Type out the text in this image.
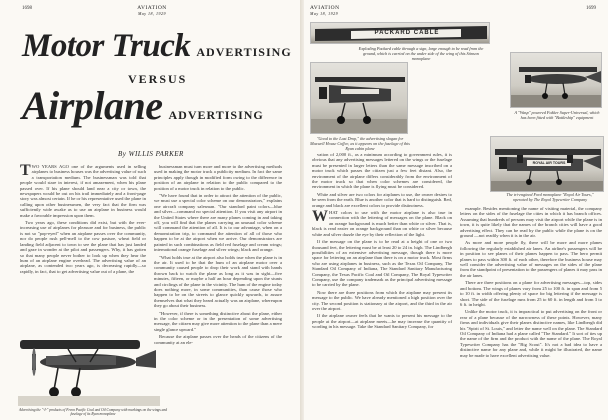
1698	AVIATION
May 18, 1929
Motor Truck ADVERTISING
VERSUS
Airplane ADVERTISING
By WILLIS PARKER

TWO YEARS AGO one of the arguments used in selling airplanes to business houses was the advertising value of such a transportation medium. The businessman was told that people would stare in interest, if not amazement, when his plane passed over. If his plane should land near a city or town, the newspapers would be out on his trail immediately and a front-page story was almost certain. If he or his representative used the plane in calling upon other businessmen, the very fact that the firm was sufficiently wide awake as to use an airplane in business would make a favorable impression upon them.

Two years ago, these conditions did exist, but with the ever-increasing use of airplanes for pleasure and for business, the public is not so "pop-eyed" when an airplane passes over the community, nor do people rush pell-mell to the cow pasture, wheat field or landing field adjacent to town to see the plane that has just landed and gaze in wonder at the pilot and passengers. Why, it has gotten so that many people never bother to look up when they hear the hum of an airplane engine overhead. The advertising value of an airplane, as contended two years ago, is decreasing rapidly—so rapidly, in fact, that to get advertising value out of a plane, the

businessman must turn more and more to the advertising methods used in making the motor truck a publicity medium. In fact the same principles apply though in modified form owing to the difference in position of an airplane in relation to the public compared to the position of a motor truck in relation to the public.

"We have found that in order to attract the attention of the public, we must use a special color scheme on our demonstrators," explains one aircraft company salesman. "Our standard paint colors—blue and silver—command no special attention. If you visit any airport in the United States where there are many planes coming in and taking off, you will find that the planes carrying an unusual color scheme will command the attention of all. It is to our advantage, when on a demonstration trip, to command the attention of all of those who happen to be at the airport when we arrive. Our demonstrators are painted in such combinations as field red fuselage and cream wings; international orange fuselage and silver wings; black and orange.

"What holds true at the airport also holds true when the plane is in the air. It used to be that the hum of an airplane motor over a community caused people to drop their work and stand with hands thrown back to watch the plane as long as it was in sight—five minutes, fifteen, or maybe a half an hour depending upon the stunts and circlings of the plane in the vicinity. The hum of the engine today does nothing more, in some communities, than cause those who happen to be on the streets to glance quickly upwards, to assure themselves that what they heard actually was an airplane, whereupon they go about their business.

"However, if there is something distinctive about the plane, either in the color scheme or in the presentation of some advertising message, the citizen may give more attention to the plane than a mere single glance upward."

Because the airplane passes over the heads of the citizens of the community at an ele-

Advertising the "-I-" products of Freon Pacific Coal and Oil Company with markings on the wings and fuselage of its Ryan monoplane
AVIATION
May 18, 1929
1699
PACKARD CABLE
Exploding Packard cable through a sign, large enough to be read from the ground, which is carried on the under side of the wing of this Stinson monoplane
A "Wasp" powered Fokker Super-Universal, which has been fitted with "Battleship" equipment
"Good to the Last Drop," the advertising slogan for Maxwell House Coffee, as it appears on the fuselage of this Ryan cabin plane
ROYAL AIR TOURS
The tri-engined Ford monoplane "Royal Air Tours," operated by The Royal Typewriter Company

vation of 2,000 ft., as a minimum according to government rules, it is obvious that any advertising messages lettered on the wings or the fuselage must be presented in larger letters than the same message inscribed on a motor truck which passes the citizen just a few feet distant. Also, the environment of the airplane differs considerably from the environment of the motor truck so that when color schemes are considered, the environment in which the plane is flying must be considered.

White and silver are two colors for airplanes to use, the owner desires to be seen from the earth. Blue is another color that is hard to distinguish. Red, orange and black are excellent colors to provide distinctness.

WHAT colors to use with the motor airplane is also true in connection with the lettering of messages on the plane. Black on an orange background is much better than white or silver. That is, black is read easier on orange background than on white or silver because white and silver dazzle the eye by their reflection of the light.

If the message on the plane is to be read at a height of one or two thousand feet, the lettering must be at least 20 to 24 in. high. The Lindbergh possibilities of an extensive advertising message, though there is more space for lettering on an airplane than there is on a motor truck. Most firms who are using airplanes in business, such as the Texas Oil Company, The Standard Oil Company of Indiana, The Standard Sanitary Manufacturing Company, the Texas Pacific Coal and Oil Company, The Royal Typewriter Company, use the company trademark as the principal advertising message to be carried by the plane.

Now there are three positions from which the airplane may present its message to the public. We have already mentioned a high position over the city. The second position is stationary at the airport, and the third in the air over the airport.

If the airplane owner feels that he wants to present his message to the people at the airport—at airplane meets—he may increase the quantity of wording in his message. Take the Standard Sanitary Company, for

example. Besides mentioning the name of visiting material, the company letters on the sides of the fuselage the cities in which it has branch offices. Assuming that hundreds of persons may visit the airport while the plane is in town, it is quite likely that the names of the branch cities will have a good advertising effect. They can be read by the public while the plane is on the ground —not readily when it is in the air.

As more and more people fly, there will be more and more planes following the regularly established air lanes. An airline's passengers will be in position to see planes of their planes happen to pass. The hero permit planes to pass within 300 ft. of each other, therefore the business house may well consider the advertising value of messages on the sides of the plane from the standpoint of presentation to the passengers of planes it may pass in the air lanes.

There are three positions on a plane for advertising messages—top, sides and bottom. The wings of planes vary from 25 to 100 ft. in span and from 5 to 10 ft. in width offering plenty of space for big lettering if the message is short. The side of the fuselage runs from 25 to 60 ft. in length and from 3 to 6 ft. in height.

Unlike the motor truck, it is impractical to put advertising on the front or rear of a plane because of the narrowness of these points. However, many firms and individuals give their planes distinctive names, like Lindbergh did his "Spirit of St. Louis," and letter the name well on the plane. The Standard Oil Company of Indiana had a plane called "The Standard." It sort of ties up the name of the firm and the product with the name of the plane. The Royal Typewriter Company has the "Big Scout". It's not a bad idea to have a distinctive name for any plane and, while it might be illustrated, the name may be made to have excellent advertising value.
